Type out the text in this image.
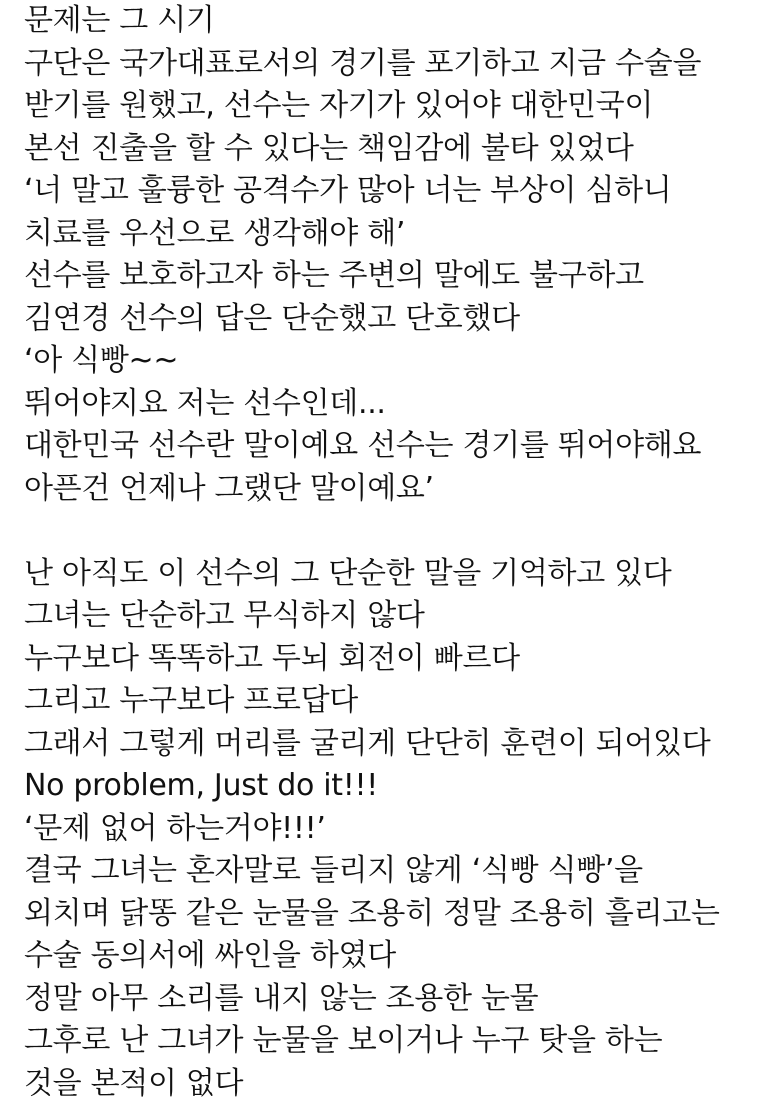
문제는 그 시기
구단은 국가대표로서의 경기를 포기하고 지금 수술을
받기를 원했고, 선수는 자기가 있어야 대한민국이
본선 진출을 할 수 있다는 책임감에 불타 있었다
‘너 말고 훌륭한 공격수가 많아 너는 부상이 심하니
치료를 우선으로 생각해야 해’
선수를 보호하고자 하는 주변의 말에도 불구하고
김연경 선수의 답은 단순했고 단호했다
‘아 식빵~~
뛰어야지요 저는 선수인데...
대한민국 선수란 말이예요 선수는 경기를 뛰어야해요
아픈건 언제나 그랬단 말이예요’
난 아직도 이 선수의 그 단순한 말을 기억하고 있다
그녀는 단순하고 무식하지 않다
누구보다 똑똑하고 두뇌 회전이 빠르다
그리고 누구보다 프로답다
그래서 그렇게 머리를 굴리게 단단히 훈련이 되어있다
No problem, Just do it!!!
‘문제 없어 하는거야!!!’
결국 그녀는 혼자말로 들리지 않게 ‘식빵 식빵’을
외치며 닭똥 같은 눈물을 조용히 정말 조용히 흘리고는
수술 동의서에 싸인을 하였다
정말 아무 소리를 내지 않는 조용한 눈물
그후로 난 그녀가 눈물을 보이거나 누구 탓을 하는
것을 본적이 없다
